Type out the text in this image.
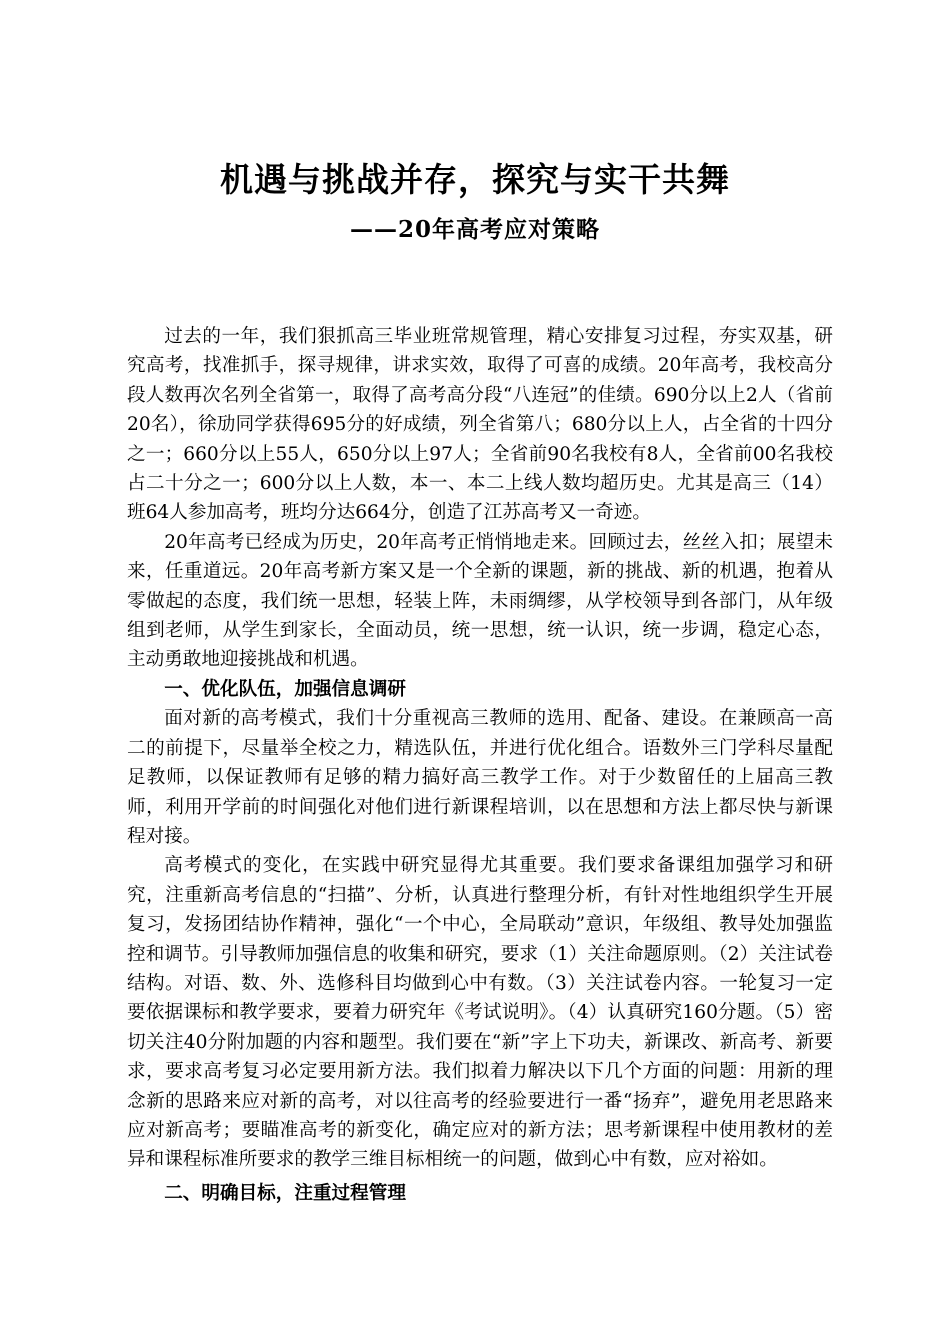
机遇与挑战并存，探究与实干共舞
——20年高考应对策略

过去的一年，我们狠抓高三毕业班常规管理，精心安排复习过程，夯实双基，研究高考，找准抓手，探寻规律，讲求实效，取得了可喜的成绩。20年高考，我校高分段人数再次名列全省第一，取得了高考高分段“八连冠”的佳绩。690分以上2人（省前20名），徐劢同学获得695分的好成绩，列全省第八；680分以上人，占全省的十四分之一；660分以上55人，650分以上97人；全省前90名我校有8人，全省前00名我校占二十分之一；600分以上人数，本一、本二上线人数均超历史。尤其是高三（14）班64人参加高考，班均分达664分，创造了江苏高考又一奇迹。

20年高考已经成为历史，20年高考正悄悄地走来。回顾过去，丝丝入扣；展望未来，任重道远。20年高考新方案又是一个全新的课题，新的挑战、新的机遇，抱着从零做起的态度，我们统一思想，轻装上阵，未雨绸缪，从学校领导到各部门，从年级组到老师，从学生到家长，全面动员，统一思想，统一认识，统一步调，稳定心态，主动勇敢地迎接挑战和机遇。

一、优化队伍，加强信息调研

面对新的高考模式，我们十分重视高三教师的选用、配备、建设。在兼顾高一高二的前提下，尽量举全校之力，精选队伍，并进行优化组合。语数外三门学科尽量配足教师，以保证教师有足够的精力搞好高三教学工作。对于少数留任的上届高三教师，利用开学前的时间强化对他们进行新课程培训，以在思想和方法上都尽快与新课程对接。

高考模式的变化，在实践中研究显得尤其重要。我们要求备课组加强学习和研究，注重新高考信息的“扫描”、分析，认真进行整理分析，有针对性地组织学生开展复习，发扬团结协作精神，强化“一个中心，全局联动”意识，年级组、教导处加强监控和调节。引导教师加强信息的收集和研究，要求（1）关注命题原则。（2）关注试卷结构。对语、数、外、选修科目均做到心中有数。（3）关注试卷内容。一轮复习一定要依据课标和教学要求，要着力研究年《考试说明》。（4）认真研究160分题。（5）密切关注40分附加题的内容和题型。我们要在“新”字上下功夫，新课改、新高考、新要求，要求高考复习必定要用新方法。我们拟着力解决以下几个方面的问题：用新的理念新的思路来应对新的高考，对以往高考的经验要进行一番“扬弃”，避免用老思路来应对新高考；要瞄准高考的新变化，确定应对的新方法；思考新课程中使用教材的差异和课程标准所要求的教学三维目标相统一的问题，做到心中有数，应对裕如。

二、明确目标，注重过程管理
